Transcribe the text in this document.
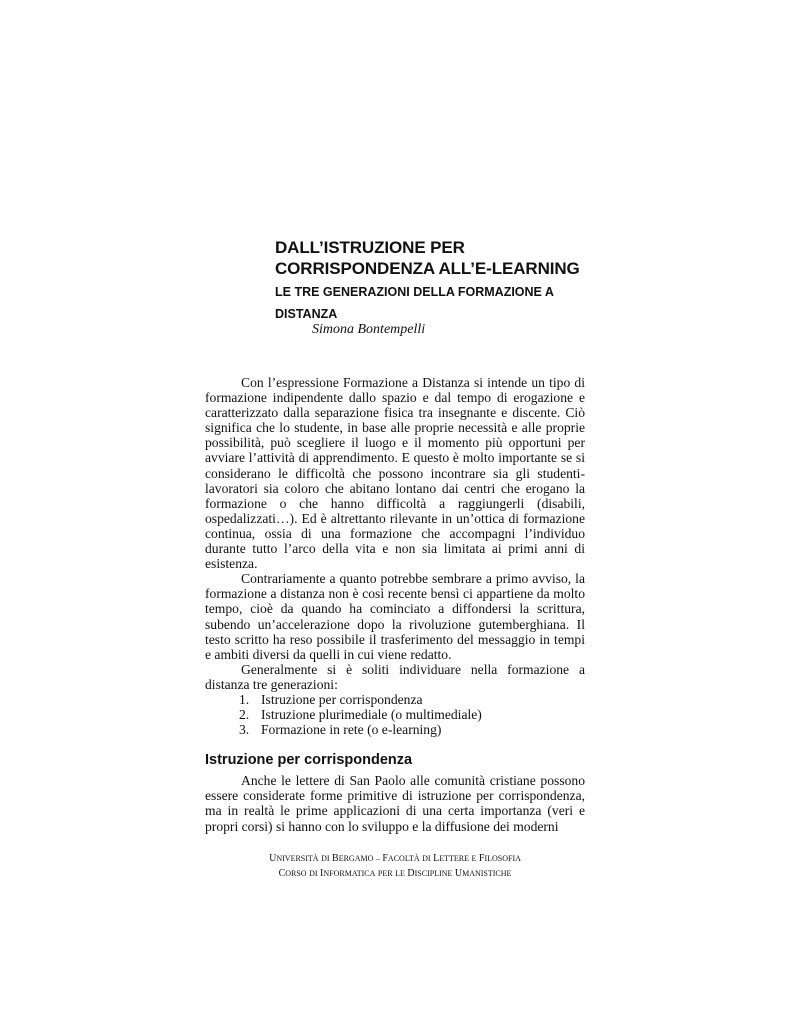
DALL’ISTRUZIONE PER
CORRISPONDENZA ALL’E-LEARNING
LE TRE GENERAZIONI DELLA FORMAZIONE A
DISTANZA

Simona Bontempelli

Con l’espressione Formazione a Distanza si intende un tipo di formazione indipendente dallo spazio e dal tempo di erogazione e caratterizzato dalla separazione fisica tra insegnante e discente. Ciò significa che lo studente, in base alle proprie necessità e alle proprie possibilità, può scegliere il luogo e il momento più opportuni per avviare l’attività di apprendimento. E questo è molto importante se si considerano le difficoltà che possono incontrare sia gli studenti-lavoratori sia coloro che abitano lontano dai centri che erogano la formazione o che hanno difficoltà a raggiungerli (disabili, ospedalizzati…). Ed è altrettanto rilevante in un’ottica di formazione continua, ossia di una formazione che accompagni l’individuo durante tutto l’arco della vita e non sia limitata ai primi anni di esistenza.

Contrariamente a quanto potrebbe sembrare a primo avviso, la formazione a distanza non è così recente bensì ci appartiene da molto tempo, cioè da quando ha cominciato a diffondersi la scrittura, subendo un’accelerazione dopo la rivoluzione gutemberghiana. Il testo scritto ha reso possibile il trasferimento del messaggio in tempi e ambiti diversi da quelli in cui viene redatto.

Generalmente si è soliti individuare nella formazione a distanza tre generazioni:

1. Istruzione per corrispondenza
2. Istruzione plurimediale (o multimediale)
3. Formazione in rete (o e-learning)
Istruzione per corrispondenza

Anche le lettere di San Paolo alle comunità cristiane possono essere considerate forme primitive di istruzione per corrispondenza, ma in realtà le prime applicazioni di una certa importanza (veri e propri corsi) si hanno con lo sviluppo e la diffusione dei moderni

UNIVERSITÀ DI BERGAMO – FACOLTÀ DI LETTERE E FILOSOFIA
CORSO DI INFORMATICA PER LE DISCIPLINE UMANISTICHE
